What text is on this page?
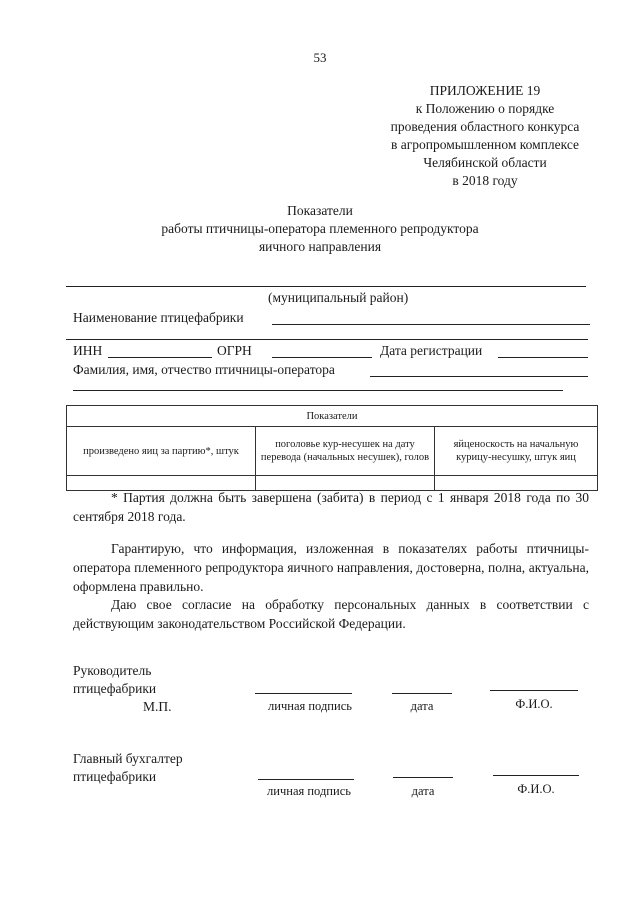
53
ПРИЛОЖЕНИЕ 19
к Положению о порядке
проведения областного конкурса
в агропромышленном комплексе
Челябинской области
в 2018 году
Показатели
работы птичницы-оператора племенного репродуктора
яичного направления
(муниципальный район)
Наименование птицефабрики
ИНН	ОГРН	Дата регистрации
Фамилия, имя, отчество птичницы-оператора
Показатели		
произведено яиц за партию*, штук	поголовье кур-несушек на дату перевода (начальных несушек), голов	яйценоскость на начальную курицу-несушку, штук яиц

* Партия должна быть завершена (забита) в период с 1 января 2018 года по 30 сентября 2018 года.
Гарантирую, что информация, изложенная в показателях работы птичницы-оператора племенного репродуктора яичного направления, достоверна, полна, актуальна, оформлена правильно.
Даю свое согласие на обработку персональных данных в соответствии с действующим законодательством Российской Федерации.
Руководитель
птицефабрики
М.П.	личная подпись	дата	Ф.И.О.
Главный бухгалтер
птицефабрики
личная подпись	дата	Ф.И.О.
